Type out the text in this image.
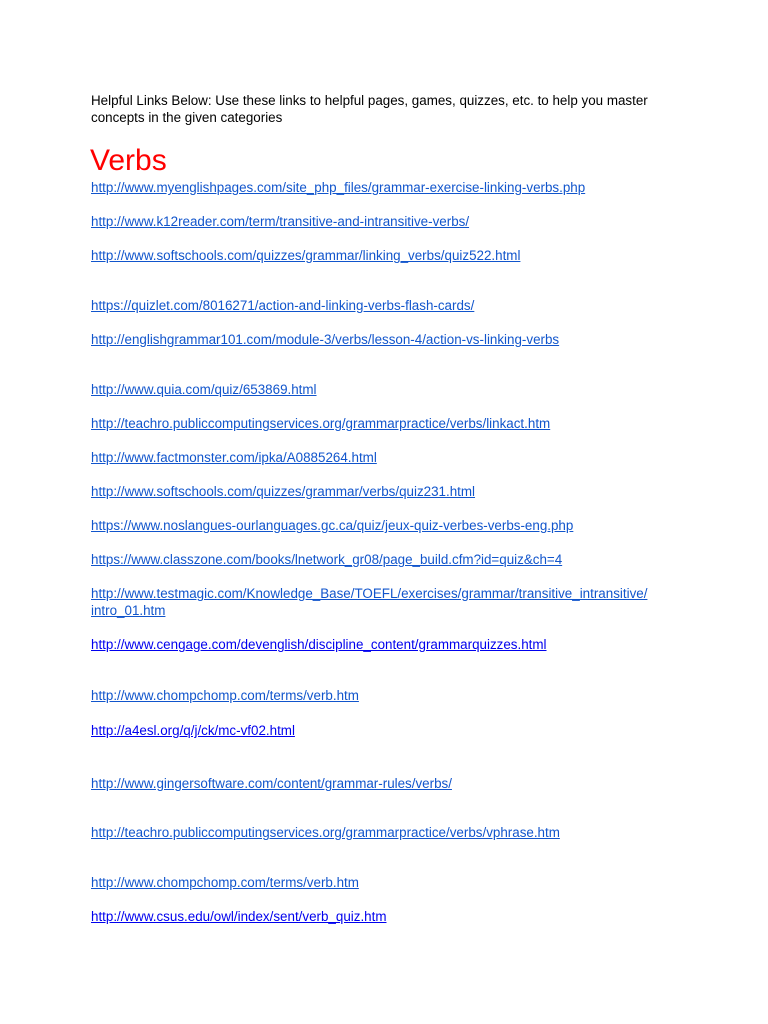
Helpful Links Below: Use these links to helpful pages, games, quizzes, etc. to help you master concepts in the given categories
Verbs
http://www.myenglishpages.com/site_php_files/grammar-exercise-linking-verbs.php
http://www.k12reader.com/term/transitive-and-intransitive-verbs/
http://www.softschools.com/quizzes/grammar/linking_verbs/quiz522.html
https://quizlet.com/8016271/action-and-linking-verbs-flash-cards/
http://englishgrammar101.com/module-3/verbs/lesson-4/action-vs-linking-verbs
http://www.quia.com/quiz/653869.html
http://teachro.publiccomputingservices.org/grammarpractice/verbs/linkact.htm
http://www.factmonster.com/ipka/A0885264.html
http://www.softschools.com/quizzes/grammar/verbs/quiz231.html
https://www.noslangues-ourlanguages.gc.ca/quiz/jeux-quiz-verbes-verbs-eng.php
https://www.classzone.com/books/lnetwork_gr08/page_build.cfm?id=quiz&ch=4
http://www.testmagic.com/Knowledge_Base/TOEFL/exercises/grammar/transitive_intransitive/
intro_01.htm
http://www.cengage.com/devenglish/discipline_content/grammarquizzes.html
http://www.chompchomp.com/terms/verb.htm
http://a4esl.org/q/j/ck/mc-vf02.html
http://www.gingersoftware.com/content/grammar-rules/verbs/
http://teachro.publiccomputingservices.org/grammarpractice/verbs/vphrase.htm
http://www.chompchomp.com/terms/verb.htm
http://www.csus.edu/owl/index/sent/verb_quiz.htm
